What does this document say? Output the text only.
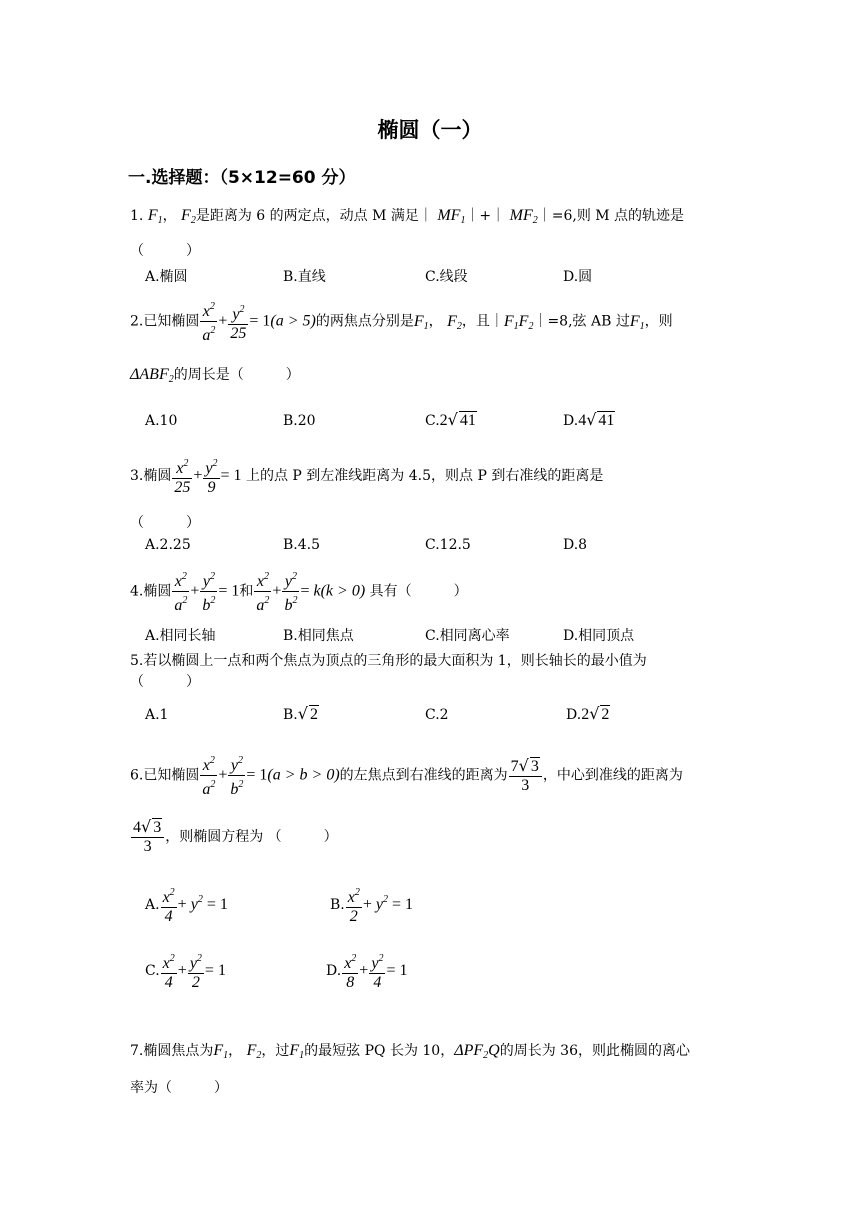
椭圆（一）
一.选择题：（5×12=60 分）
1. $F_1$， $F_2$是距离为 6 的两定点，动点 M 满足｜ $MF_1|+|$ $MF_2|=6$,则 M 点的轨迹是
（　　　）
A.椭圆	B.直线	C.线段	D.圆
2.已知椭圆 $\frac{x^2}{a^2} + \frac{y^2}{25} = 1(a > 5)$的两焦点分别是$F_1$， $F_2$，且$|F_1F_2|=8$,弦 AB 过$F_1$，则
$\Delta ABF_2$的周长是（　　　）
A.10	B.20	C.2√ 41	D.4√ 41
3.椭圆 $\frac{x^2}{25} + \frac{y^2}{9} = 1$ 上的点 P 到左准线距离为 4.5，则点 P 到右准线的距离是
（　　　）
A.2.25	B.4.5	C.12.5	D.8
4.椭圆 $\frac{x^2}{a^2} + \frac{y^2}{b^2} = 1$和 $\frac{x^2}{a^2} + \frac{y^2}{b^2} = k(k > 0)$ 具有（　　　）
A.相同长轴	B.相同焦点	C.相同离心率	D.相同顶点
5.若以椭圆上一点和两个焦点为顶点的三角形的最大面积为 1，则长轴长的最小值为
（　　　）
A.1	B.√ 2	C.2	D.2√ 2
6.已知椭圆 $\frac{x^2}{a^2} + \frac{y^2}{b^2} = 1(a > b > 0)$的左焦点到右准线的距离为 $\frac{7√ 3}{3}$ ，中心到准线的距离为
$\frac{4√ 3}{3}$ ，则椭圆方程为 （　　　）
A. $\frac{x^2}{4} + y^2 = 1$	B. $\frac{x^2}{2} + y^2 = 1$
C. $\frac{x^2}{4} + \frac{y^2}{2} = 1$	D. $\frac{x^2}{8} + \frac{y^2}{4} = 1$
7.椭圆焦点为$F_1$， $F_2$，过$F_1$的最短弦 PQ 长为 10，$\Delta PF_2Q$的周长为 36，则此椭圆的离心
率为（　　　）
